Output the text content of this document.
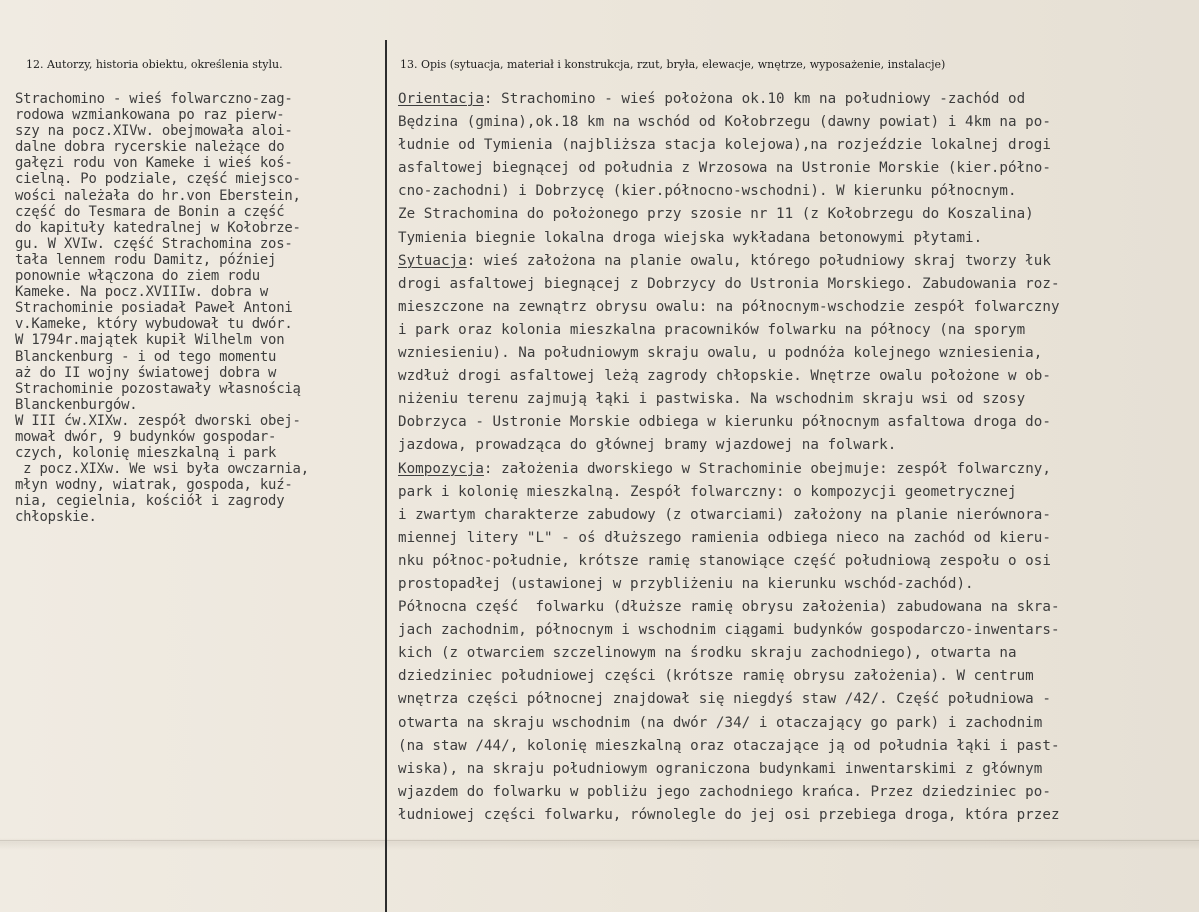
12. Autorzy, historia obiektu, określenia stylu.	13. Opis (sytuacja, materiał i konstrukcja, rzut, bryła, elewacje, wnętrze, wyposażenie, instalacje)
Strachomino - wieś folwarczno-zag-
rodowa wzmiankowana po raz pierw-
szy na pocz.XIVw. obejmowała aloi-
dalne dobra rycerskie należące do
gałęzi rodu von Kameke i wieś koś-
cielną. Po podziale, część miejsco-
wości należała do hr.von Eberstein,
część do Tesmara de Bonin a część
do kapituły katedralnej w Kołobrze-
gu. W XVIw. część Strachomina zos-
tała lennem rodu Damitz, później
ponownie włączona do ziem rodu
Kameke. Na pocz.XVIIIw. dobra w
Strachominie posiadał Paweł Antoni
v.Kameke, który wybudował tu dwór.
W 1794r.majątek kupił Wilhelm von
Blanckenburg - i od tego momentu
aż do II wojny światowej dobra w
Strachominie pozostawały własnością
Blanckenburgów.
W III ćw.XIXw. zespół dworski obej-
mował dwór, 9 budynków gospodar-
czych, kolonię mieszkalną i park
z pocz.XIXw. We wsi była owczarnia,
młyn wodny, wiatrak, gospoda, kuź-
nia, cegielnia, kościół i zagrody
chłopskie.
Orientacja: Strachomino - wieś położona ok.10 km na południowy -zachód od
Będzina (gmina),ok.18 km na wschód od Kołobrzegu (dawny powiat) i 4km na po-
łudnie od Tymienia (najbliższa stacja kolejowa),na rozjeździe lokalnej drogi
asfaltowej biegnącej od południa z Wrzosowa na Ustronie Morskie (kier.półno-
cno-zachodni) i Dobrzycę (kier.północno-wschodni). W kierunku północnym.
Ze Strachomina do położonego przy szosie nr 11 (z Kołobrzegu do Koszalina)
Tymienia biegnie lokalna droga wiejska wykładana betonowymi płytami.
Sytuacja: wieś założona na planie owalu, którego południowy skraj tworzy łuk
drogi asfaltowej biegnącej z Dobrzycy do Ustronia Morskiego. Zabudowania roz-
mieszczone na zewnątrz obrysu owalu: na północnym-wschodzie zespół folwarczny
i park oraz kolonia mieszkalna pracowników folwarku na północy (na sporym
wzniesieniu). Na południowym skraju owalu, u podnóża kolejnego wzniesienia,
wzdłuż drogi asfaltowej leżą zagrody chłopskie. Wnętrze owalu położone w ob-
niżeniu terenu zajmują łąki i pastwiska. Na wschodnim skraju wsi od szosy
Dobrzyca - Ustronie Morskie odbiega w kierunku północnym asfaltowa droga do-
jazdowa, prowadząca do głównej bramy wjazdowej na folwark.
Kompozycja: założenia dworskiego w Strachominie obejmuje: zespół folwarczny,
park i kolonię mieszkalną. Zespół folwarczny: o kompozycji geometrycznej
i zwartym charakterze zabudowy (z otwarciami) założony na planie nierównora-
miennej litery "L" - oś dłuższego ramienia odbiega nieco na zachód od kieru-
nku północ-południe, krótsze ramię stanowiące część południową zespołu o osi
prostopadłej (ustawionej w przybliżeniu na kierunku wschód-zachód).
Północna część  folwarku (dłuższe ramię obrysu założenia) zabudowana na skra-
jach zachodnim, północnym i wschodnim ciągami budynków gospodarczo-inwentars-
kich (z otwarciem szczelinowym na środku skraju zachodniego), otwarta na
dziedziniec południowej części (krótsze ramię obrysu założenia). W centrum
wnętrza części północnej znajdował się niegdyś staw /42/. Część południowa -
otwarta na skraju wschodnim (na dwór /34/ i otaczający go park) i zachodnim
(na staw /44/, kolonię mieszkalną oraz otaczające ją od południa łąki i past-
wiska), na skraju południowym ograniczona budynkami inwentarskimi z głównym
wjazdem do folwarku w pobliżu jego zachodniego krańca. Przez dziedziniec po-
łudniowej części folwarku, równolegle do jej osi przebiega droga, która przez
